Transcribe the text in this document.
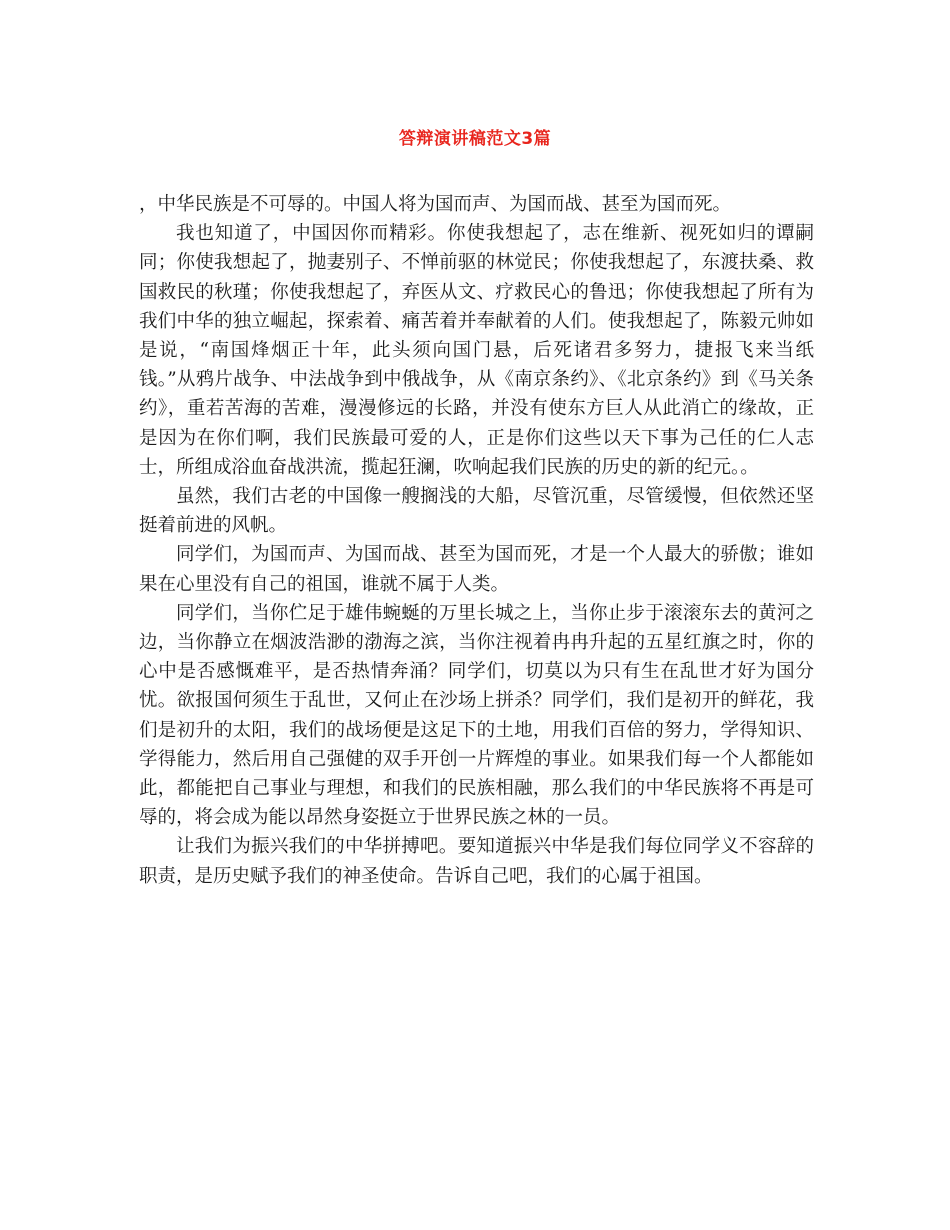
答辩演讲稿范文3篇

，中华民族是不可辱的。中国人将为国而声、为国而战、甚至为国而死。

我也知道了，中国因你而精彩。你使我想起了，志在维新、视死如归的谭嗣同；你使我想起了，抛妻别子、不惮前驱的林觉民；你使我想起了，东渡扶桑、救国救民的秋瑾；你使我想起了，弃医从文、疗救民心的鲁迅；你使我想起了所有为我们中华的独立崛起，探索着、痛苦着并奉献着的人们。使我想起了，陈毅元帅如是说，“南国烽烟正十年，此头须向国门悬，后死诸君多努力，捷报飞来当纸钱。”从鸦片战争、中法战争到中俄战争，从《南京条约》、《北京条约》到《马关条约》，重若苦海的苦难，漫漫修远的长路，并没有使东方巨人从此消亡的缘故，正是因为在你们啊，我们民族最可爱的人，正是你们这些以天下事为己任的仁人志士，所组成浴血奋战洪流，揽起狂澜，吹响起我们民族的历史的新的纪元。。

虽然，我们古老的中国像一艘搁浅的大船，尽管沉重，尽管缓慢，但依然还坚挺着前进的风帆。

同学们，为国而声、为国而战、甚至为国而死，才是一个人最大的骄傲；谁如果在心里没有自己的祖国，谁就不属于人类。

同学们，当你伫足于雄伟蜿蜒的万里长城之上，当你止步于滚滚东去的黄河之边，当你静立在烟波浩渺的渤海之滨，当你注视着冉冉升起的五星红旗之时，你的心中是否感慨难平，是否热情奔涌？同学们，切莫以为只有生在乱世才好为国分忧。欲报国何须生于乱世，又何止在沙场上拼杀？同学们，我们是初开的鲜花，我们是初升的太阳，我们的战场便是这足下的土地，用我们百倍的努力，学得知识、学得能力，然后用自己强健的双手开创一片辉煌的事业。如果我们每一个人都能如此，都能把自己事业与理想，和我们的民族相融，那么我们的中华民族将不再是可辱的，将会成为能以昂然身姿挺立于世界民族之林的一员。

让我们为振兴我们的中华拼搏吧。要知道振兴中华是我们每位同学义不容辞的职责，是历史赋予我们的神圣使命。告诉自己吧，我们的心属于祖国。
